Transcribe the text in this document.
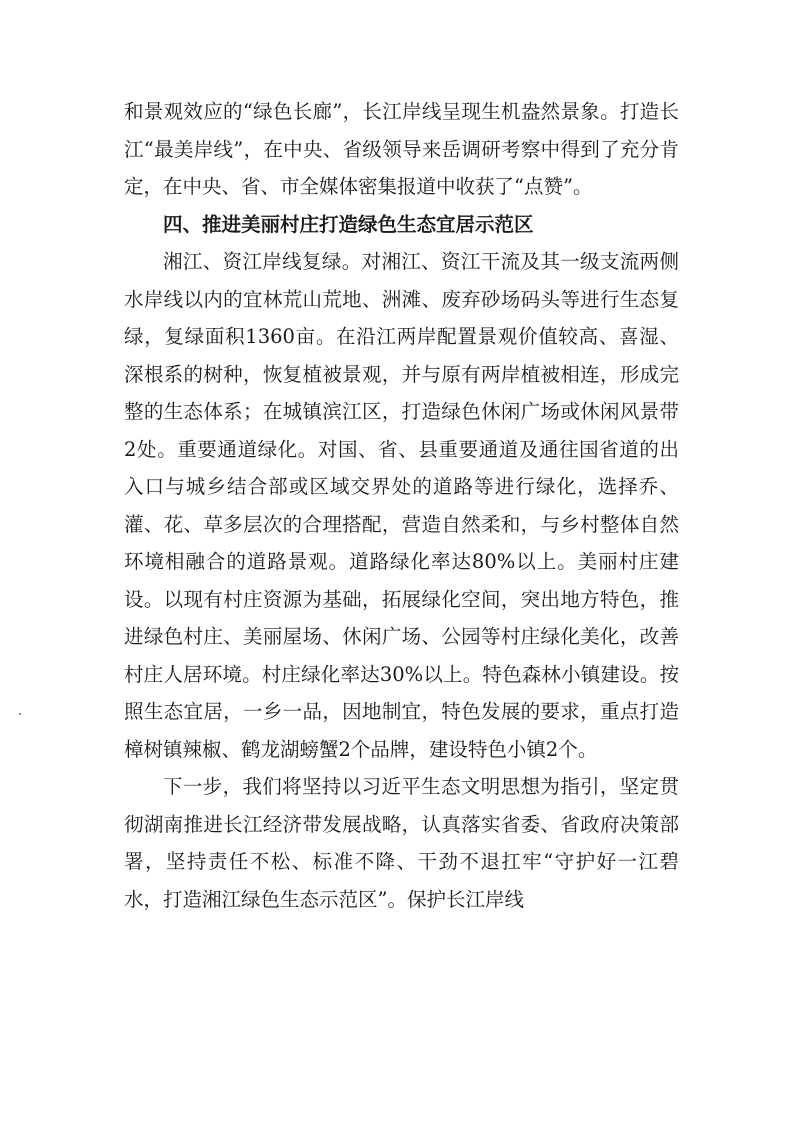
和景观效应的“绿色长廊”，长江岸线呈现生机盎然景象。打造长江“最美岸线”，在中央、省级领导来岳调研考察中得到了充分肯定，在中央、省、市全媒体密集报道中收获了“点赞”。

四、推进美丽村庄打造绿色生态宜居示范区

湘江、资江岸线复绿。对湘江、资江干流及其一级支流两侧水岸线以内的宜林荒山荒地、洲滩、废弃砂场码头等进行生态复绿，复绿面积1360亩。在沿江两岸配置景观价值较高、喜湿、深根系的树种，恢复植被景观，并与原有两岸植被相连，形成完整的生态体系；在城镇滨江区，打造绿色休闲广场或休闲风景带2处。重要通道绿化。对国、省、县重要通道及通往国省道的出入口与城乡结合部或区域交界处的道路等进行绿化，选择乔、灌、花、草多层次的合理搭配，营造自然柔和，与乡村整体自然环境相融合的道路景观。道路绿化率达80%以上。美丽村庄建设。以现有村庄资源为基础，拓展绿化空间，突出地方特色，推进绿色村庄、美丽屋场、休闲广场、公园等村庄绿化美化，改善村庄人居环境。村庄绿化率达30%以上。特色森林小镇建设。按照生态宜居，一乡一品，因地制宜，特色发展的要求，重点打造樟树镇辣椒、鹤龙湖螃蟹2个品牌，建设特色小镇2个。

下一步，我们将坚持以习近平生态文明思想为指引，坚定贯彻湖南推进长江经济带发展战略，认真落实省委、省政府决策部署，坚持责任不松、标准不降、干劲不退扛牢“守护好一江碧水，打造湘江绿色生态示范区”。保护长江岸线
